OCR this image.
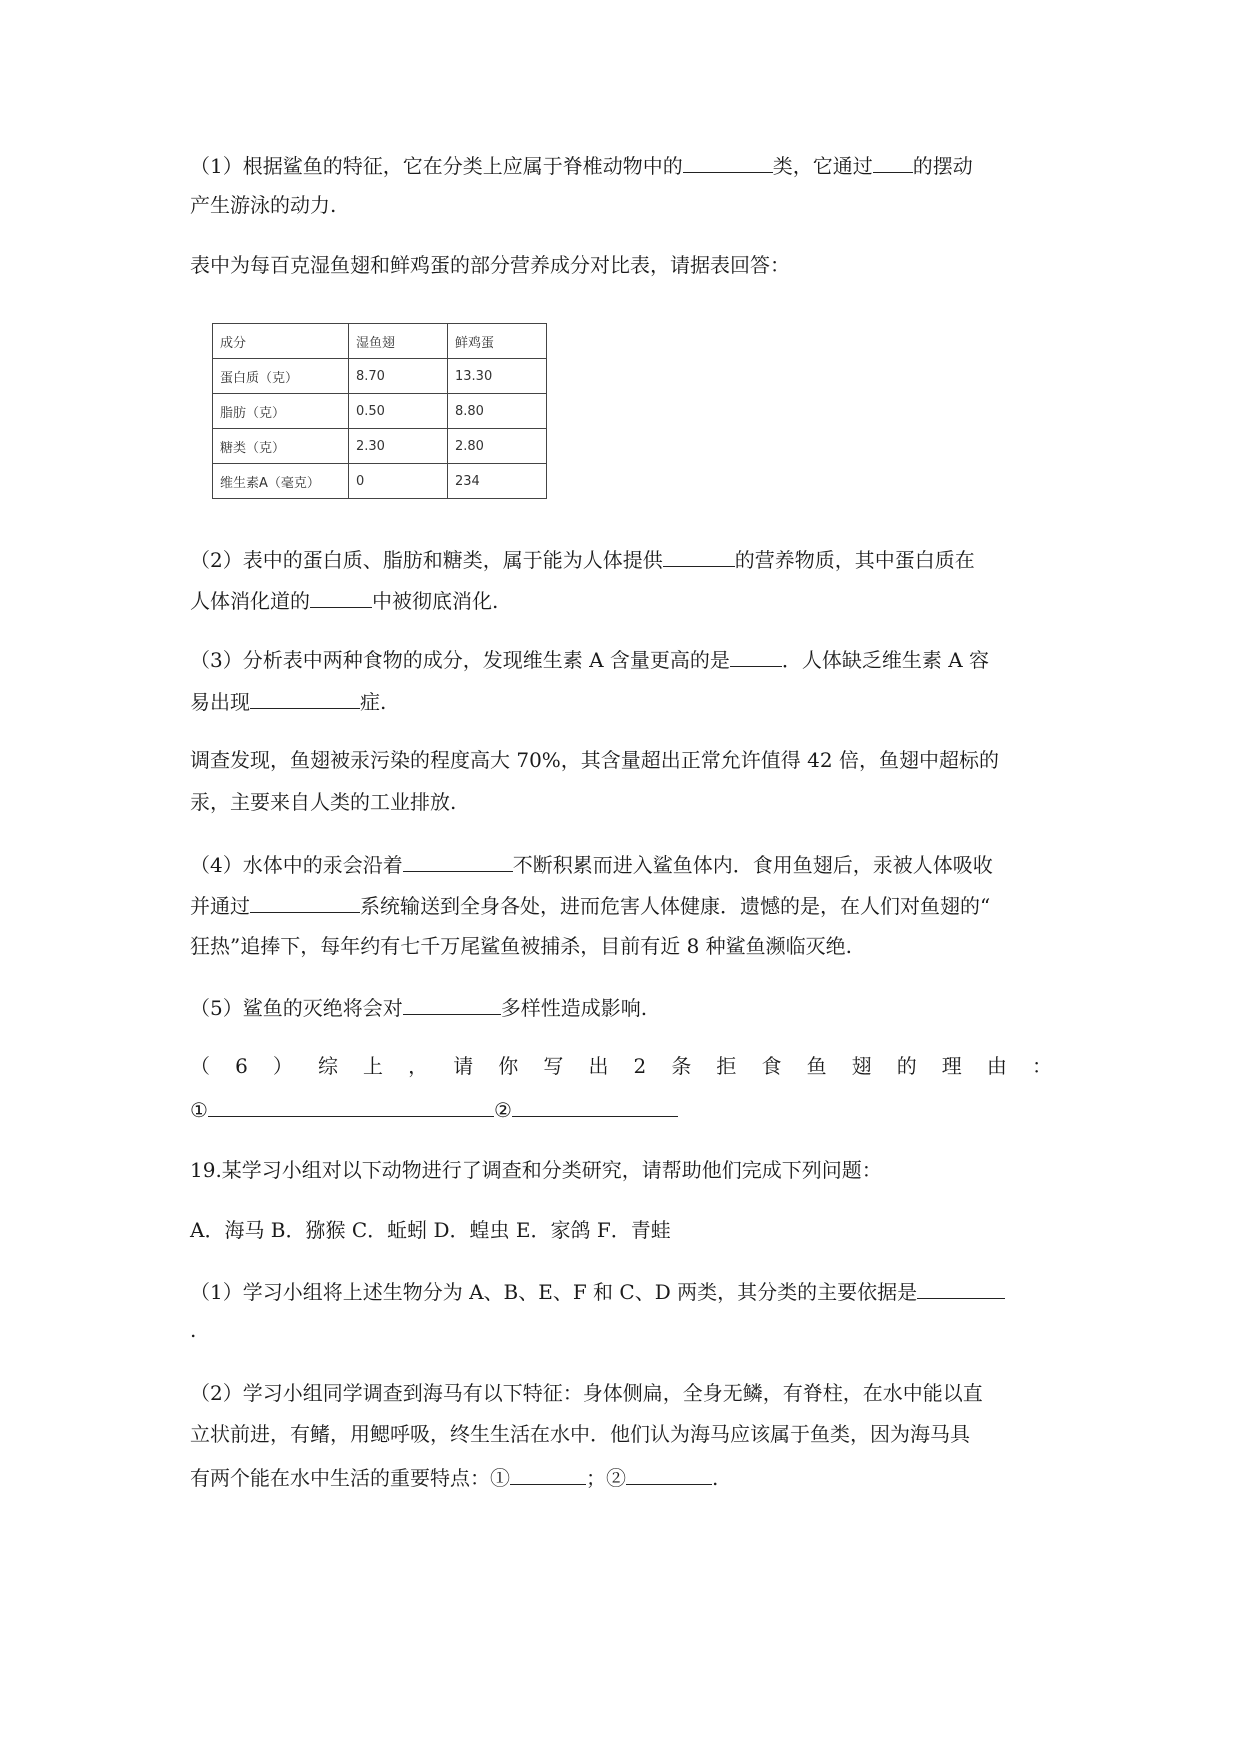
（1）根据鲨鱼的特征，它在分类上应属于脊椎动物中的	类，它通过 的摆动
产生游泳的动力.
表中为每百克湿鱼翅和鲜鸡蛋的部分营养成分对比表，请据表回答：
成分	湿鱼翅	鲜鸡蛋
蛋白质（克）	8.70	13.30
脂肪（克）	0.50	8.80
糖类（克）	2.30	2.80
维生素A（毫克）	0	234
（2）表中的蛋白质、脂肪和糖类，属于能为人体提供	的营养物质，其中蛋白质在
人体消化道的	中被彻底消化.
（3）分析表中两种食物的成分，发现维生素 A 含量更高的是	．人体缺乏维生素 A 容
易出现	症.
调查发现，鱼翅被汞污染的程度高大 70%，其含量超出正常允许值得 42 倍，鱼翅中超标的
汞，主要来自人类的工业排放.
（4）水体中的汞会沿着	不断积累而进入鲨鱼体内．食用鱼翅后，汞被人体吸收
并通过	系统输送到全身各处，进而危害人体健康．遗憾的是，在人们对鱼翅的“
狂热”追捧下，每年约有七千万尾鲨鱼被捕杀，目前有近 8 种鲨鱼濒临灭绝.
（5）鲨鱼的灭绝将会对	多样性造成影响.
（ 6 ） 综 上 ， 请 你 写 出 2 条 拒 食 鱼 翅 的 理 由 ：
①	②
19.某学习小组对以下动物进行了调查和分类研究，请帮助他们完成下列问题：
A．海马 B．猕猴 C．蚯蚓 D．蝗虫 E．家鸽 F．青蛙
（1）学习小组将上述生物分为 A、B、E、F 和 C、D 两类，其分类的主要依据是
.
（2）学习小组同学调查到海马有以下特征：身体侧扁，全身无鳞，有脊柱，在水中能以直
立状前进，有鳍，用鳃呼吸，终生生活在水中．他们认为海马应该属于鱼类，因为海马具
有两个能在水中生活的重要特点：①	；②	.
